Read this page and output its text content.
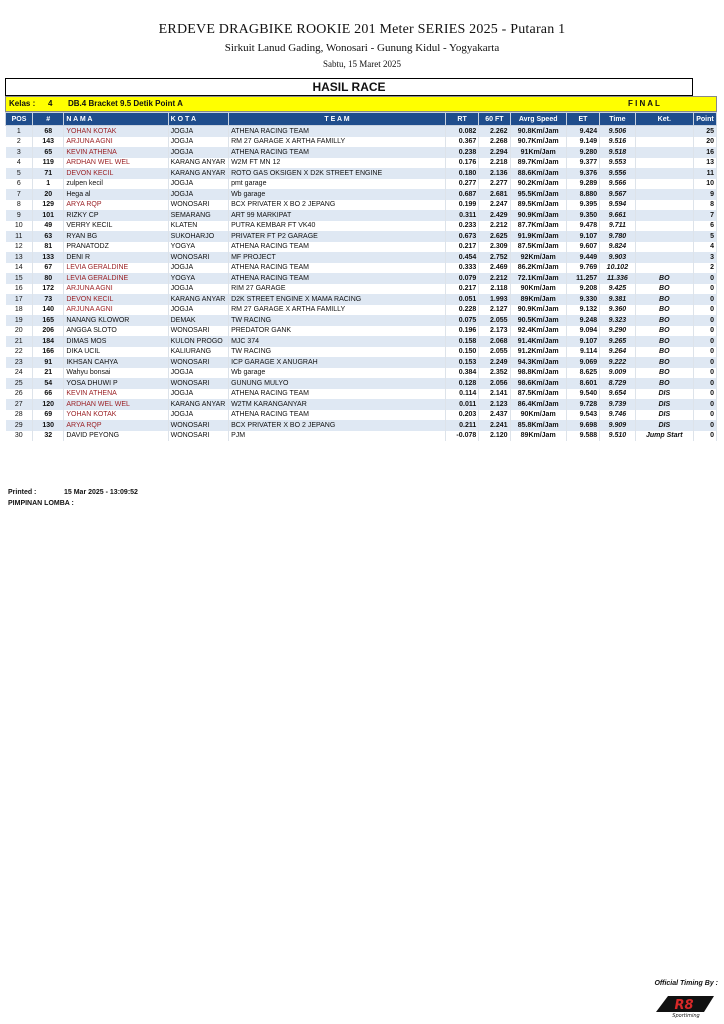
ERDEVE DRAGBIKE ROOKIE 201 Meter SERIES 2025 - Putaran 1
Sirkuit Lanud Gading, Wonosari - Gunung Kidul - Yogyakarta
Sabtu, 15 Maret 2025
HASIL RACE
Kelas : 4 DB.4 Bracket 9.5 Detik Point A	F I N A L
POS	#	N A M A	K O T A	T E A M	RT	60 FT	Avrg Speed	ET	Time	Ket.	Point
1	68	YOHAN KOTAK	JOGJA	ATHENA RACING TEAM	0.082	2.262	90.8Km/Jam	9.424	9.506		25
2	143	ARJUNA AGNI	JOGJA	RM 27 GARAGE X ARTHA FAMILLY	0.367	2.268	90.7Km/Jam	9.149	9.516		20
3	65	KEVIN ATHENA	JOGJA	ATHENA RACING TEAM	0.238	2.294	91Km/Jam	9.280	9.518		16
4	119	ARDHAN WEL WEL	KARANG ANYAR	W2M FT MN 12	0.176	2.218	89.7Km/Jam	9.377	9.553		13
5	71	DEVON KECIL	KARANG ANYAR	ROTO GAS OKSIGEN X D2K STREET ENGINE	0.180	2.136	88.6Km/Jam	9.376	9.556		11
6	1	zulpen kecil	JOGJA	pmt garage	0.277	2.277	90.2Km/Jam	9.289	9.566		10
7	20	Hega al	JOGJA	Wb garage	0.687	2.681	95.5Km/Jam	8.880	9.567		9
8	129	ARYA RQP	WONOSARI	BCX PRIVATER X BO 2 JEPANG	0.199	2.247	89.5Km/Jam	9.395	9.594		8
9	101	RIZKY CP	SEMARANG	ART 99 MARKIPAT	0.311	2.429	90.9Km/Jam	9.350	9.661		7
10	49	VERRY KECIL	KLATEN	PUTRA KEMBAR FT VK40	0.233	2.212	87.7Km/Jam	9.478	9.711		6
11	63	RYAN BG	SUKOHARJO	PRIVATER FT P2 GARAGE	0.673	2.625	91.9Km/Jam	9.107	9.780		5
12	81	PRANATODZ	YOGYA	ATHENA RACING TEAM	0.217	2.309	87.5Km/Jam	9.607	9.824		4
13	133	DENI R	WONOSARI	MF PROJECT	0.454	2.752	92Km/Jam	9.449	9.903		3
14	67	LEVIA GERALDINE	JOGJA	ATHENA RACING TEAM	0.333	2.469	86.2Km/Jam	9.769	10.102		2
15	80	LEVIA GERALDINE	YOGYA	ATHENA RACING TEAM	0.079	2.212	72.1Km/Jam	11.257	11.336	BO	0
16	172	ARJUNA AGNI	JOGJA	RIM 27 GARAGE	0.217	2.118	90Km/Jam	9.208	9.425	BO	0
17	73	DEVON KECIL	KARANG ANYAR	D2K STREET ENGINE X MAMA RACING	0.051	1.993	89Km/Jam	9.330	9.381	BO	0
18	140	ARJUNA AGNI	JOGJA	RM 27 GARAGE X ARTHA FAMILLY	0.228	2.127	90.9Km/Jam	9.132	9.360	BO	0
19	165	NANANG KLOWOR	DEMAK	TW RACING	0.075	2.055	90.5Km/Jam	9.248	9.323	BO	0
20	206	ANGGA SLOTO	WONOSARI	PREDATOR GANK	0.196	2.173	92.4Km/Jam	9.094	9.290	BO	0
21	184	DIMAS MOS	KULON PROGO	MJC 374	0.158	2.068	91.4Km/Jam	9.107	9.265	BO	0
22	166	DIKA UCIL	KALIURANG	TW RACING	0.150	2.055	91.2Km/Jam	9.114	9.264	BO	0
23	91	IKHSAN CAHYA	WONOSARI	ICP GARAGE X ANUGRAH	0.153	2.249	94.3Km/Jam	9.069	9.222	BO	0
24	21	Wahyu bonsai	JOGJA	Wb garage	0.384	2.352	98.8Km/Jam	8.625	9.009	BO	0
25	54	YOSA DHUWI P	WONOSARI	GUNUNG MULYO	0.128	2.056	98.6Km/Jam	8.601	8.729	BO	0
26	66	KEVIN ATHENA	JOGJA	ATHENA RACING TEAM	0.114	2.141	87.5Km/Jam	9.540	9.654	DIS	0
27	120	ARDHAN WEL WEL	KARANG ANYAR	W2TM KARANGANYAR	0.011	2.123	86.4Km/Jam	9.728	9.739	DIS	0
28	69	YOHAN KOTAK	JOGJA	ATHENA RACING TEAM	0.203	2.437	90Km/Jam	9.543	9.746	DIS	0
29	130	ARYA RQP	WONOSARI	BCX PRIVATER X BO 2 JEPANG	0.211	2.241	85.8Km/Jam	9.698	9.909	DIS	0
30	32	DAVID PEYONG	WONOSARI	PJM	-0.078	2.120	89Km/Jam	9.588	9.510	Jump Start	0
Printed :	15 Mar 2025 - 13:09:52
PIMPINAN LOMBA :
Official Timing By :
R8
Sportiming
